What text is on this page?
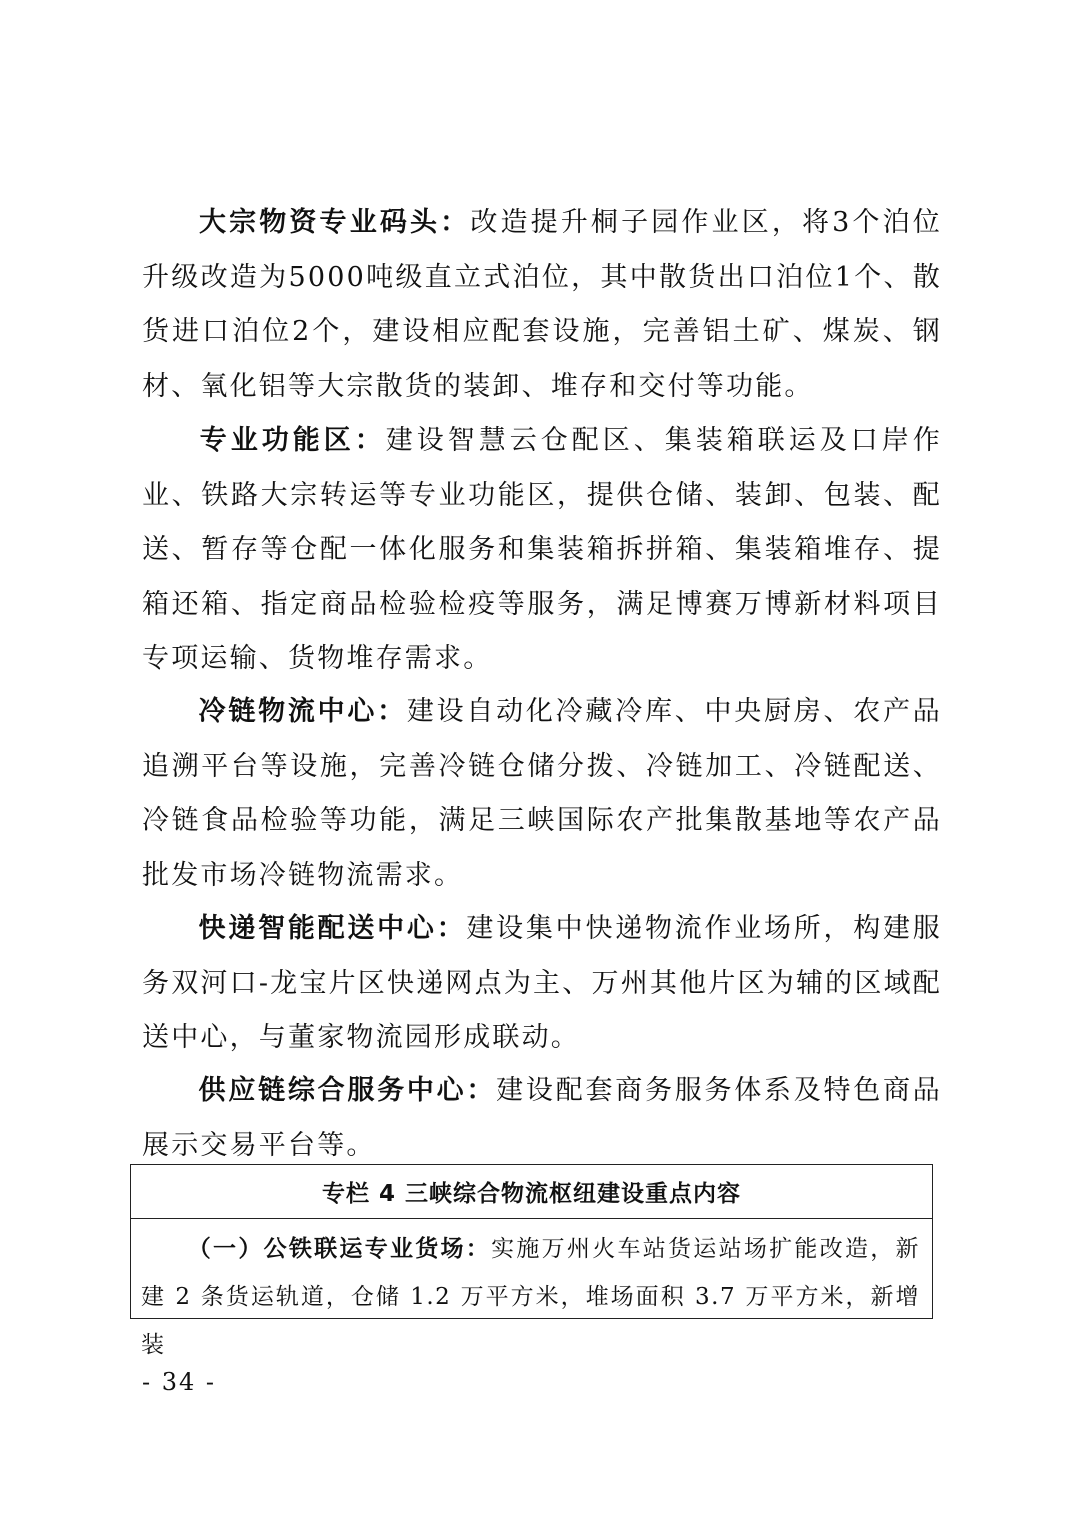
大宗物资专业码头：改造提升桐子园作业区，将3个泊位升级改造为5000吨级直立式泊位，其中散货出口泊位1个、散货进口泊位2个，建设相应配套设施，完善铝土矿、煤炭、钢材、氧化铝等大宗散货的装卸、堆存和交付等功能。

专业功能区：建设智慧云仓配区、集装箱联运及口岸作业、铁路大宗转运等专业功能区，提供仓储、装卸、包装、配送、暂存等仓配一体化服务和集装箱拆拼箱、集装箱堆存、提箱还箱、指定商品检验检疫等服务，满足博赛万博新材料项目专项运输、货物堆存需求。

冷链物流中心：建设自动化冷藏冷库、中央厨房、农产品追溯平台等设施，完善冷链仓储分拨、冷链加工、冷链配送、冷链食品检验等功能，满足三峡国际农产批集散基地等农产品批发市场冷链物流需求。

快递智能配送中心：建设集中快递物流作业场所，构建服务双河口-龙宝片区快递网点为主、万州其他片区为辅的区域配送中心，与董家物流园形成联动。

供应链综合服务中心：建设配套商务服务体系及特色商品展示交易平台等。

专栏 4 三峡综合物流枢纽建设重点内容
（一）公铁联运专业货场：实施万州火车站货运站场扩能改造，新建 2 条货运轨道，仓储 1.2 万平方米，堆场面积 3.7 万平方米，新增装
- 34 -
